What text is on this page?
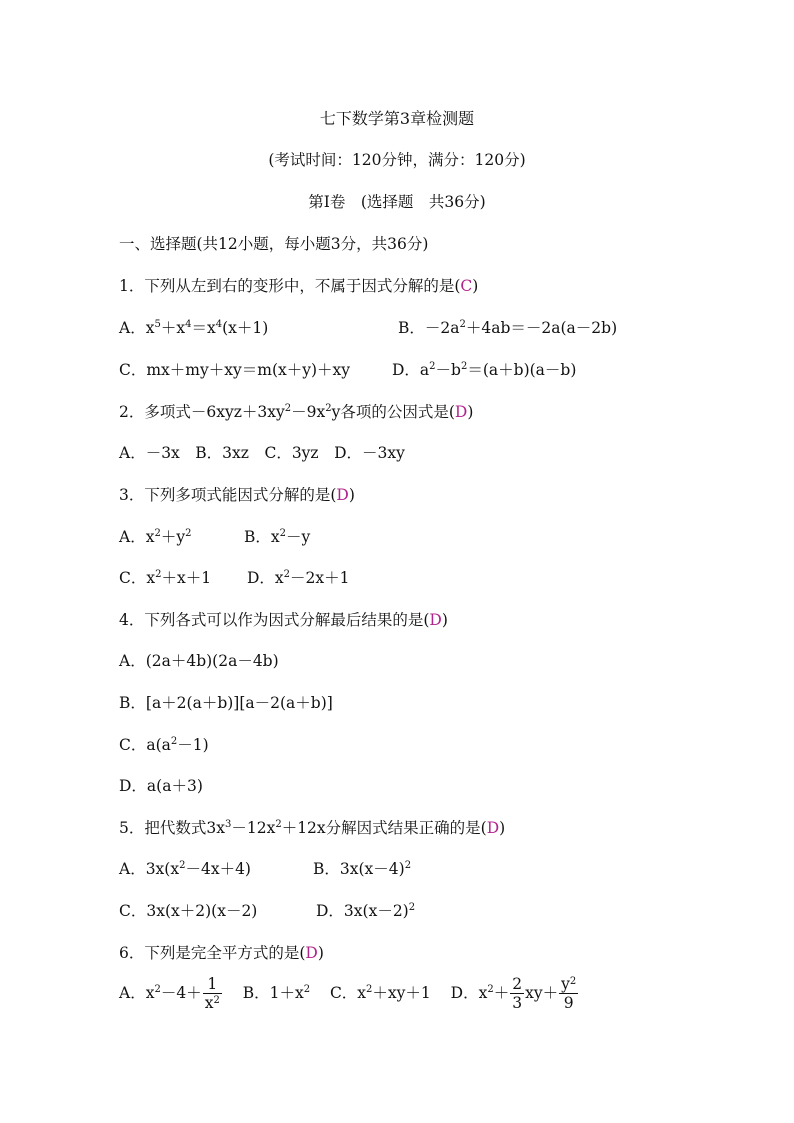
七下数学第3章检测题
(考试时间：120分钟，满分：120分)
第Ⅰ卷　(选择题　共36分)
一、选择题(共12小题，每小题3分，共36分)
1．下列从左到右的变形中，不属于因式分解的是(C)
A．$x^5+x^4=x^4(x+1)$	B．$-2a^2+4ab=-2a(a-2b)$
C．mx＋my＋xy＝m(x＋y)＋xy	D．$a^2-b^2=(a+b)(a-b)$
2．多项式$-6xyz+3xy^2-9x^2y$各项的公因式是(D)
A．－3x　B．3xz　C．3yz　D．－3xy
3．下列多项式能因式分解的是(D)
A．$x^2+y^2$	B．$x^2-y$
C．$x^2+x+1$ D．$x^2-2x+1$
4．下列各式可以作为因式分解最后结果的是(D)
A．(2a＋4b)(2a－4b)
B．[a＋2(a＋b)][a－2(a＋b)]
C．$a(a^2-1)$
D．a(a＋3)
5．把代数式$3x^3-12x^2+12x$分解因式结果正确的是(D)
A．$3x(x^2-4x+4)$	B．$3x(x-4)^2$
C．3x(x＋2)(x－2)	D．$3x(x-2)^2$
6．下列是完全平方式的是(D)
A．$x^2-4+ \frac{1}{x^2}$ B．$1+x^2$ C．$x^2+xy+1$ D．$x^2+ \frac{2}{3} xy+ \frac{y^2}{9}$
